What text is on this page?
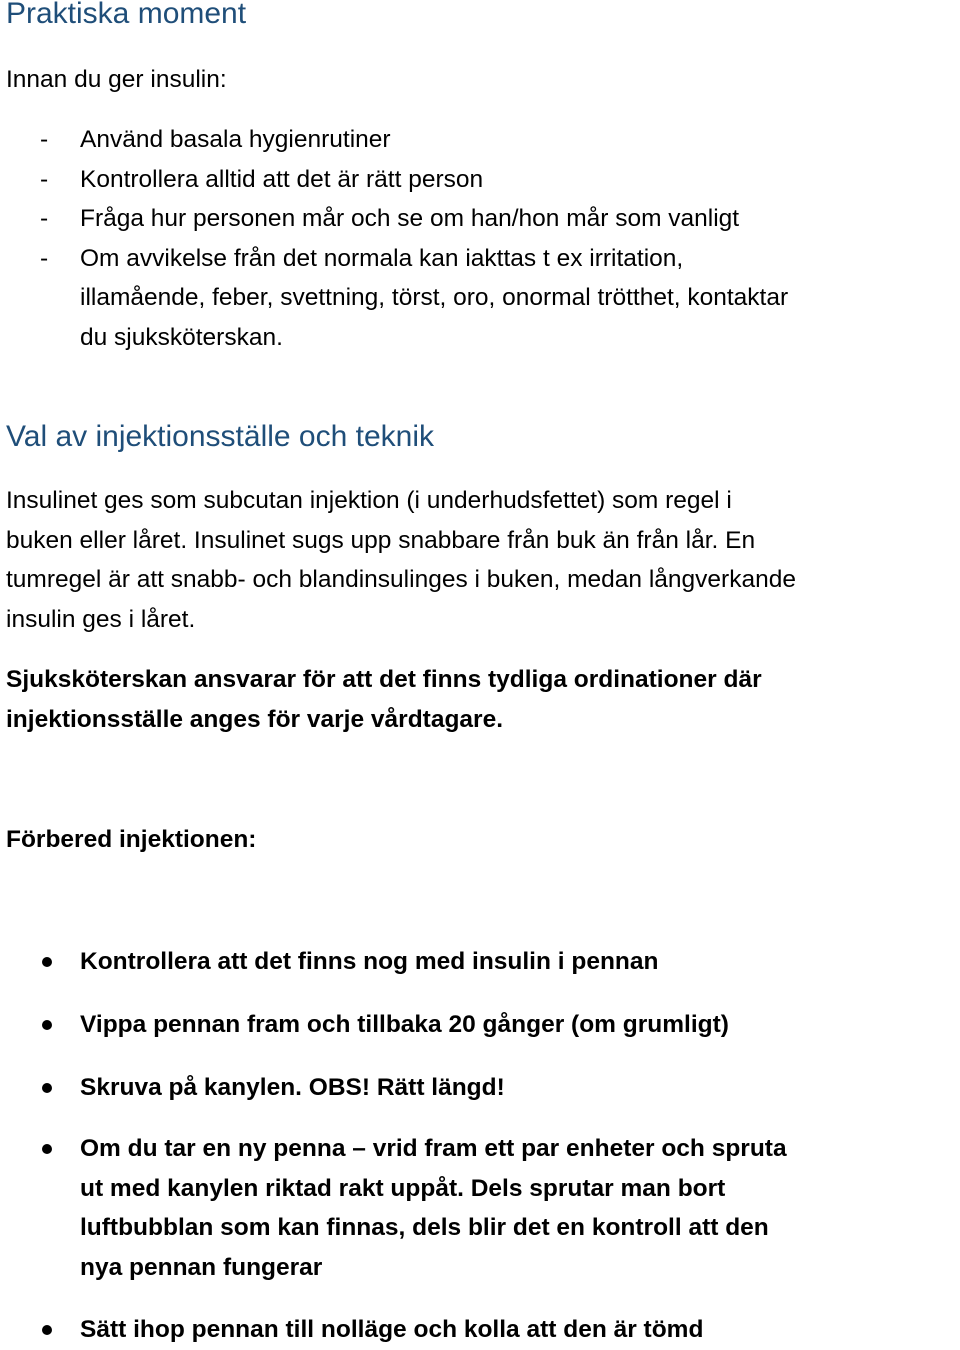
Praktiska moment

Innan du ger insulin:

- Använd basala hygienrutiner
- Kontrollera alltid att det är rätt person
- Fråga hur personen mår och se om han/hon mår som vanligt
- Om avvikelse från det normala kan iakttas t ex irritation,
illamående, feber, svettning, törst, oro, onormal trötthet, kontaktar
du sjuksköterskan.
Val av injektionsställe och teknik

Insulinet ges som subcutan injektion (i underhudsfettet) som regel i
buken eller låret. Insulinet sugs upp snabbare från buk än från lår. En
tumregel är att snabb- och blandinsulinges i buken, medan långverkande
insulin ges i låret.

Sjuksköterskan ansvarar för att det finns tydliga ordinationer där
injektionsställe anges för varje vårdtagare.

Förbered injektionen:

Kontrollera att det finns nog med insulin i pennan
Vippa pennan fram och tillbaka 20 gånger (om grumligt)
Skruva på kanylen. OBS! Rätt längd!
Om du tar en ny penna – vrid fram ett par enheter och spruta
ut med kanylen riktad rakt uppåt. Dels sprutar man bort
luftbubblan som kan finnas, dels blir det en kontroll att den
nya pennan fungerar
Sätt ihop pennan till nolläge och kolla att den är tömd
